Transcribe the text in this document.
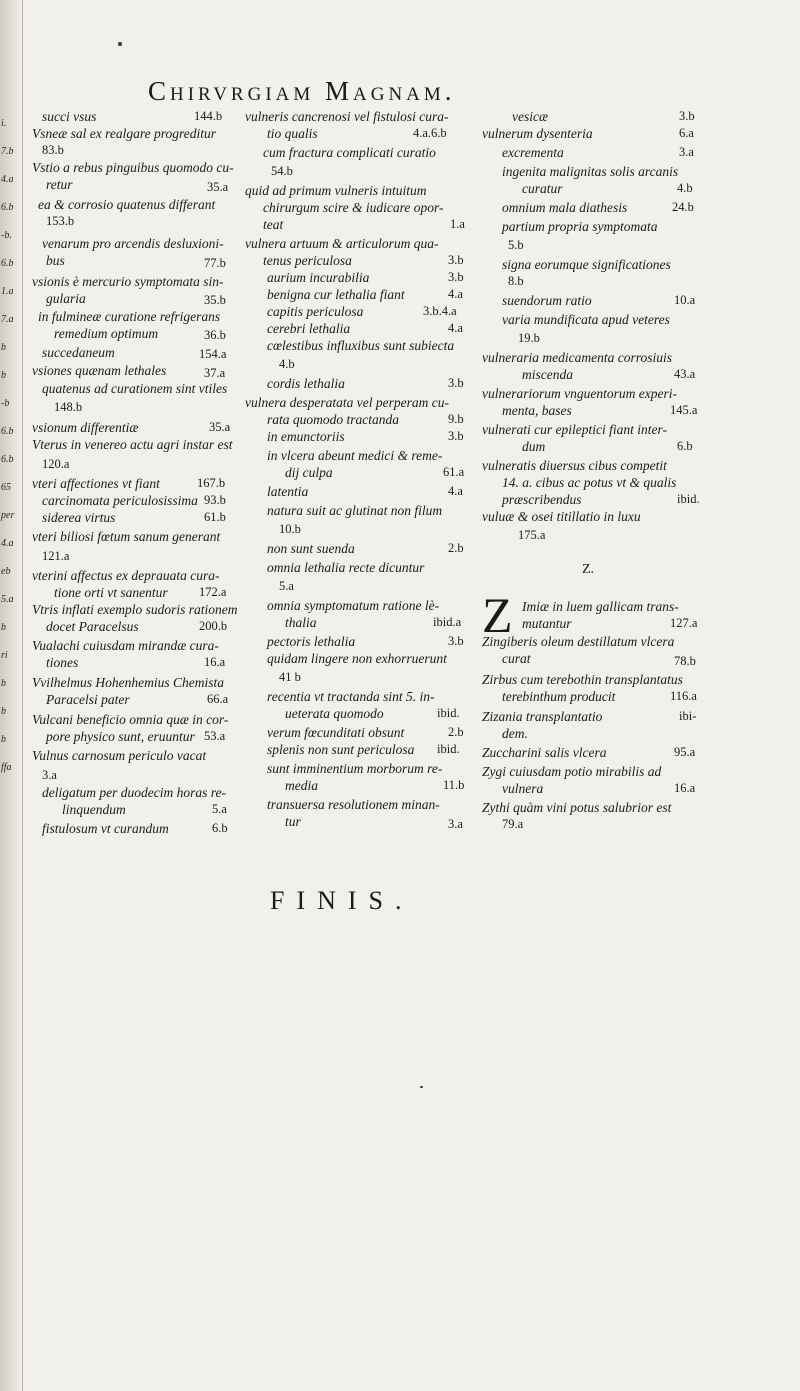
i.
7.b
4.a
6.b
-b.
6.b
1.a
7.a
b
b
-b
6.b
6.b
65
per
4.a
eb
5.a
b
ri
b
b
b
ffa
Chirvrgiam Magnam.
succi vsus	144.b
Vsneæ sal ex realgare progreditur
83.b
Vstio a rebus pinguibus quomodo cu-
retur	35.a
ea & corrosio quatenus differant
153.b
venarum pro arcendis desluxioni-
bus	77.b
vsionis è mercurio symptomata sin-
gularia	35.b
in fulmineæ curatione refrigerans
remedium optimum	36.b
succedaneum	154.a
vsiones quænam lethales	37.a
quatenus ad curationem sint vtiles
148.b
vsionum differentiæ	35.a
Vterus in venereo actu agri instar est
120.a
vteri affectiones vt fiant	167.b
carcinomata periculosissima 93.b
siderea virtus	61.b
vteri biliosi fœtum sanum generant
121.a
vterini affectus ex deprauata cura-
tione orti vt sanentur	172.a
Vtris inflati exemplo sudoris rationem
docet Paracelsus	200.b
Vualachi cuiusdam mirandæ cura-
tiones	16.a
Vvilhelmus Hohenhemius Chemista
Paracelsi pater	66.a
Vulcani beneficio omnia quæ in cor-
pore physico sunt, eruuntur 53.a
Vulnus carnosum periculo vacat
3.a
deligatum per duodecim horas re-
linquendum	5.a
fistulosum vt curandum	6.b
vulneris cancrenosi vel fistulosi cura-
tio qualis	4.a.6.b
cum fractura complicati curatio
54.b
quid ad primum vulneris intuitum
chirurgum scire & iudicare opor-
teat	1.a
vulnera artuum & articulorum qua-
tenus periculosa	3.b
aurium incurabilia	3.b
benigna cur lethalia fiant	4.a
capitis periculosa	3.b.4.a
cerebri lethalia	4.a
cœlestibus influxibus sunt subiecta
4.b
cordis lethalia	3.b
vulnera desperatata vel perperam cu-
rata quomodo tractanda	9.b
in emunctoriis	3.b
in vlcera abeunt medici & reme-
dij culpa	61.a
latentia	4.a
natura suit ac glutinat non filum
10.b
non sunt suenda	2.b
omnia lethalia recte dicuntur
5.a
omnia symptomatum ratione lè-
thalia	ibid.a
pectoris lethalia	3.b
quidam lingere non exhorruerunt
41 b
recentia vt tractanda sint 5. in-
ueterata quomodo	ibid.
verum fœcunditati obsunt	2.b
splenis non sunt periculosa ibid.
sunt imminentium morborum re-
media	11.b
transuersa resolutionem minan-
tur	3.a
vesicæ	3.b
vulnerum dysenteria	6.a
excrementa	3.a
ingenita malignitas solis arcanis
curatur	4.b
omnium mala diathesis	24.b
partium propria symptomata
5.b
signa eorumque significationes
8.b
suendorum ratio	10.a
varia mundificata apud veteres
19.b
vulneraria medicamenta corrosiuis
miscenda	43.a
vulnerariorum vnguentorum experi-
menta, bases	145.a
vulnerati cur epileptici fiant inter-
dum	6.b
vulneratis diuersus cibus competit
14. a. cibus ac potus vt & qualis
præscribendus	ibid.
vuluæ & osei titillatio in luxu
175.a
Z.
Imiæ in luem gallicam trans-
mutantur	127.a
Zingiberis oleum destillatum vlcera
curat	78.b
Zirbus cum terebothin transplantatus
terebinthum producit	116.a
Zizania transplantatio	ibi-
dem.
Zuccharini salis vlcera	95.a
Zygi cuiusdam potio mirabilis ad
vulnera	16.a
Zythi quàm vini potus salubrior est
79.a
Z
FINIS.
